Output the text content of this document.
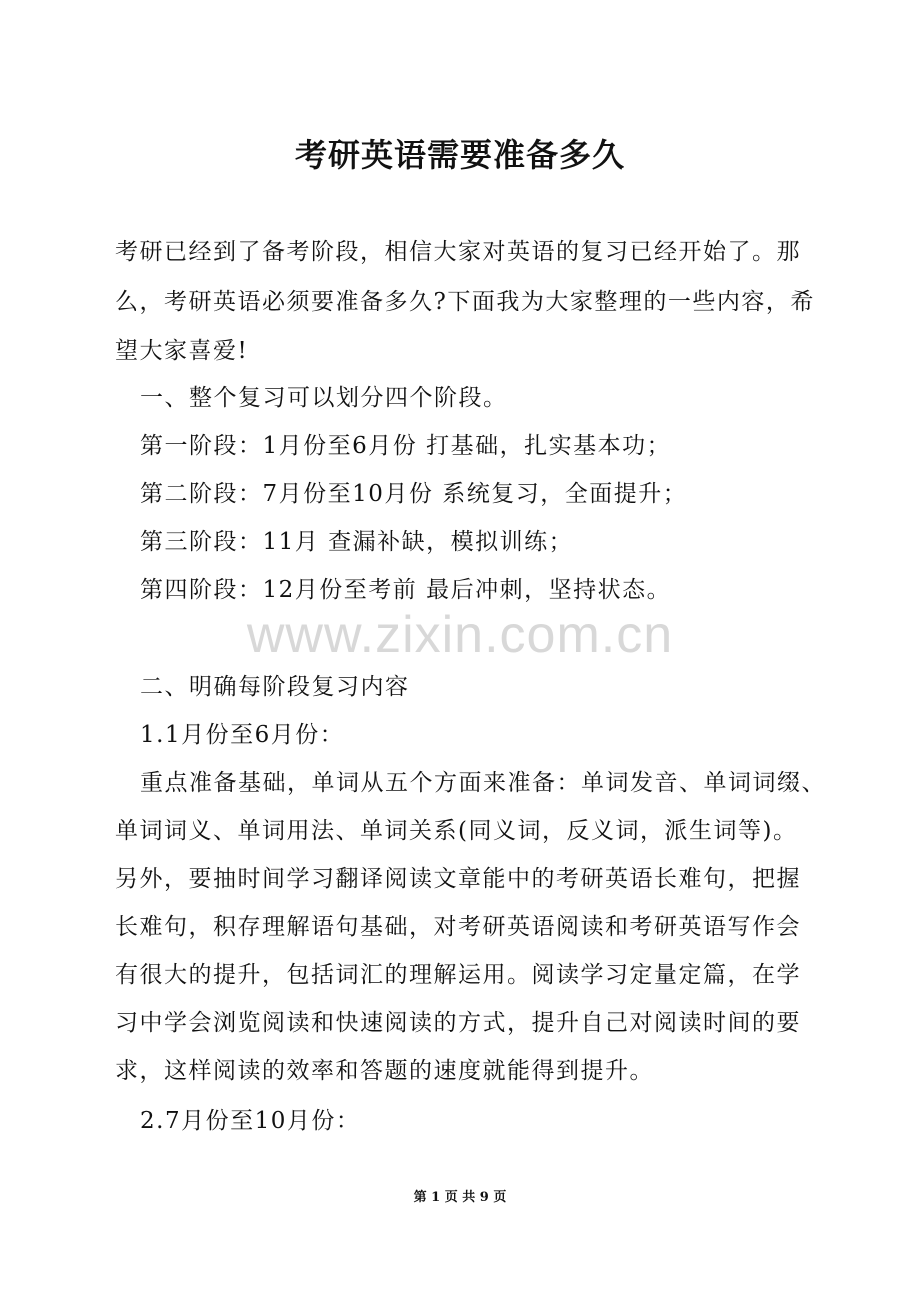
考研英语需要准备多久
考研已经到了备考阶段，相信大家对英语的复习已经开始了。那
么，考研英语必须要准备多久?下面我为大家整理的一些内容，希
望大家喜爱!
一、整个复习可以划分四个阶段。
第一阶段：1月份至6月份 打基础，扎实基本功；
第二阶段：7月份至10月份 系统复习，全面提升；
第三阶段：11月 查漏补缺，模拟训练；
第四阶段：12月份至考前 最后冲刺，坚持状态。
www.zixin.com.cn
二、明确每阶段复习内容
1.1月份至6月份：
重点准备基础，单词从五个方面来准备：单词发音、单词词缀、
单词词义、单词用法、单词关系(同义词，反义词，派生词等)。
另外，要抽时间学习翻译阅读文章能中的考研英语长难句，把握
长难句，积存理解语句基础，对考研英语阅读和考研英语写作会
有很大的提升，包括词汇的理解运用。阅读学习定量定篇，在学
习中学会浏览阅读和快速阅读的方式，提升自己对阅读时间的要
求，这样阅读的效率和答题的速度就能得到提升。
2.7月份至10月份：
第 1 页 共 9 页
